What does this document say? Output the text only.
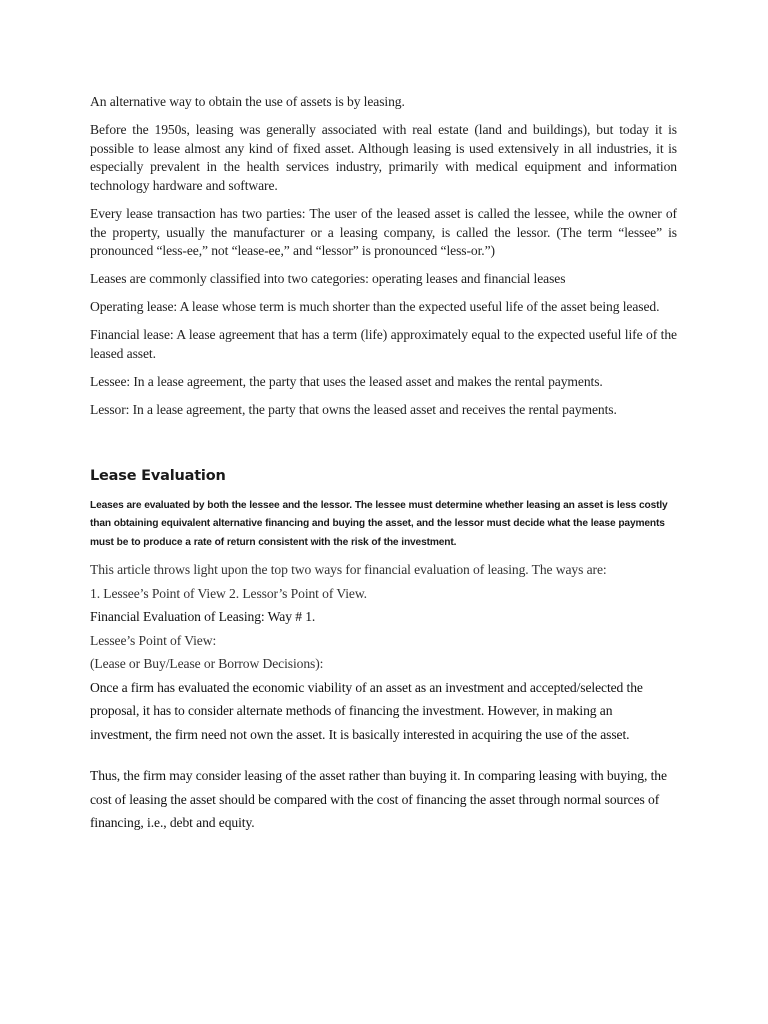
An alternative way to obtain the use of assets is by leasing.

Before the 1950s, leasing was generally associated with real estate (land and buildings), but today it is possible to lease almost any kind of fixed asset. Although leasing is used extensively in all industries, it is especially prevalent in the health services industry, primarily with medical equipment and information technology hardware and software.

Every lease transaction has two parties: The user of the leased asset is called the lessee, while the owner of the property, usually the manufacturer or a leasing company, is called the lessor. (The term “lessee” is pronounced “less-ee,” not “lease-ee,” and “lessor” is pronounced “less-or.”)

Leases are commonly classified into two categories: operating leases and financial leases

Operating lease: A lease whose term is much shorter than the expected useful life of the asset being leased.

Financial lease: A lease agreement that has a term (life) approximately equal to the expected useful life of the leased asset.

Lessee: In a lease agreement, the party that uses the leased asset and makes the rental payments.

Lessor: In a lease agreement, the party that owns the leased asset and receives the rental payments.

Lease Evaluation

Leases are evaluated by both the lessee and the lessor. The lessee must determine whether leasing an asset is less costly than obtaining equivalent alternative financing and buying the asset, and the lessor must decide what the lease payments must be to produce a rate of return consistent with the risk of the investment.

This article throws light upon the top two ways for financial evaluation of leasing. The ways are:
1. Lessee’s Point of View 2. Lessor’s Point of View.
Financial Evaluation of Leasing: Way # 1.
Lessee’s Point of View:
(Lease or Buy/Lease or Borrow Decisions):

Once a firm has evaluated the economic viability of an asset as an investment and accepted/selected the proposal, it has to consider alternate methods of financing the investment. However, in making an investment, the firm need not own the asset. It is basically interested in acquiring the use of the asset.

Thus, the firm may consider leasing of the asset rather than buying it. In comparing leasing with buying, the cost of leasing the asset should be compared with the cost of financing the asset through normal sources of financing, i.e., debt and equity.
